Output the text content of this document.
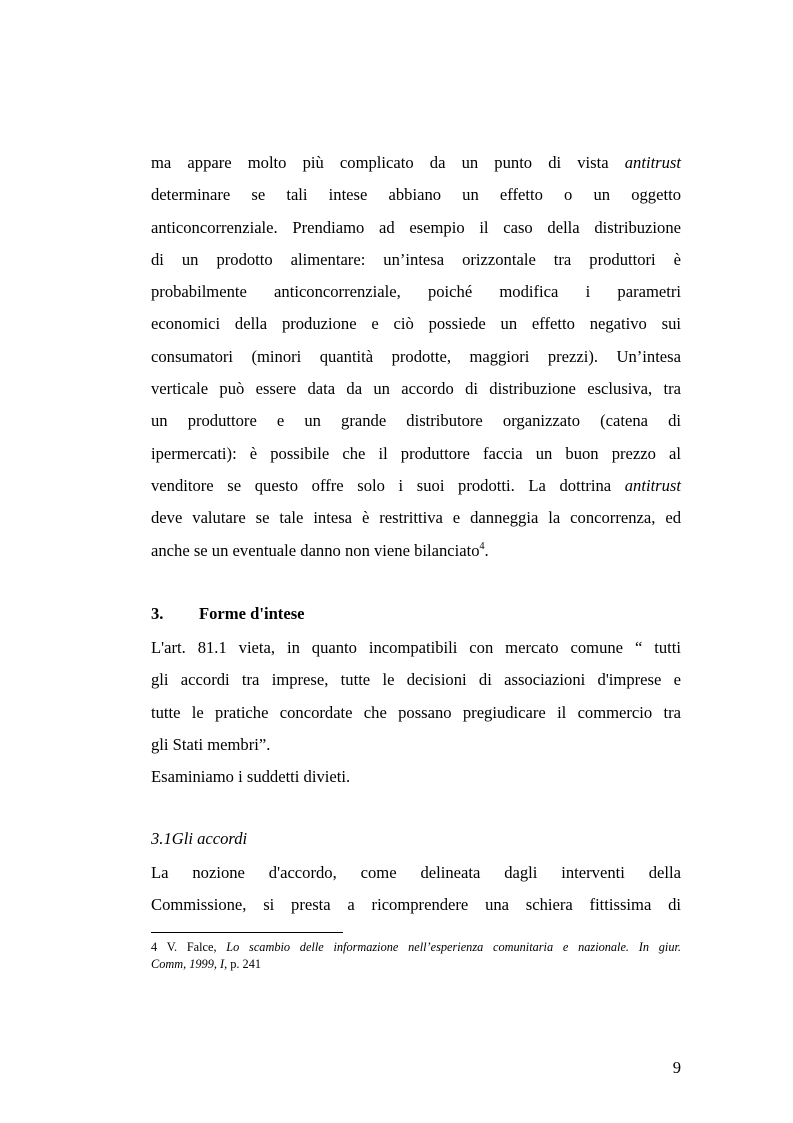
ma appare molto più complicato da un punto di vista antitrust
determinare se tali intese abbiano un effetto o un oggetto
anticoncorrenziale. Prendiamo ad esempio il caso della distribuzione
di un prodotto alimentare: un’intesa orizzontale tra produttori è
probabilmente anticoncorrenziale, poiché modifica i parametri
economici della produzione e ciò possiede un effetto negativo sui
consumatori (minori quantità prodotte, maggiori prezzi). Un’intesa
verticale può essere data da un accordo di distribuzione esclusiva, tra
un produttore e un grande distributore organizzato (catena di
ipermercati): è possibile che il produttore faccia un buon prezzo al
venditore se questo offre solo i suoi prodotti. La dottrina antitrust
deve valutare se tale intesa è restrittiva e danneggia la concorrenza, ed
anche se un eventuale danno non viene bilanciato$^4$.
3. Forme d'intese
L'art. 81.1 vieta, in quanto incompatibili con mercato comune “ tutti
gli accordi tra imprese, tutte le decisioni di associazioni d'imprese e
tutte le pratiche concordate che possano pregiudicare il commercio tra
gli Stati membri”.
Esaminiamo i suddetti divieti.
3.1Gli accordi
La nozione d'accordo, come delineata dagli interventi della
Commissione, si presta a ricomprendere una schiera fittissima di
4 V. Falce, Lo scambio delle informazione nell’esperienza comunitaria e nazionale. In giur.
Comm, 1999, I, p. 241
9
